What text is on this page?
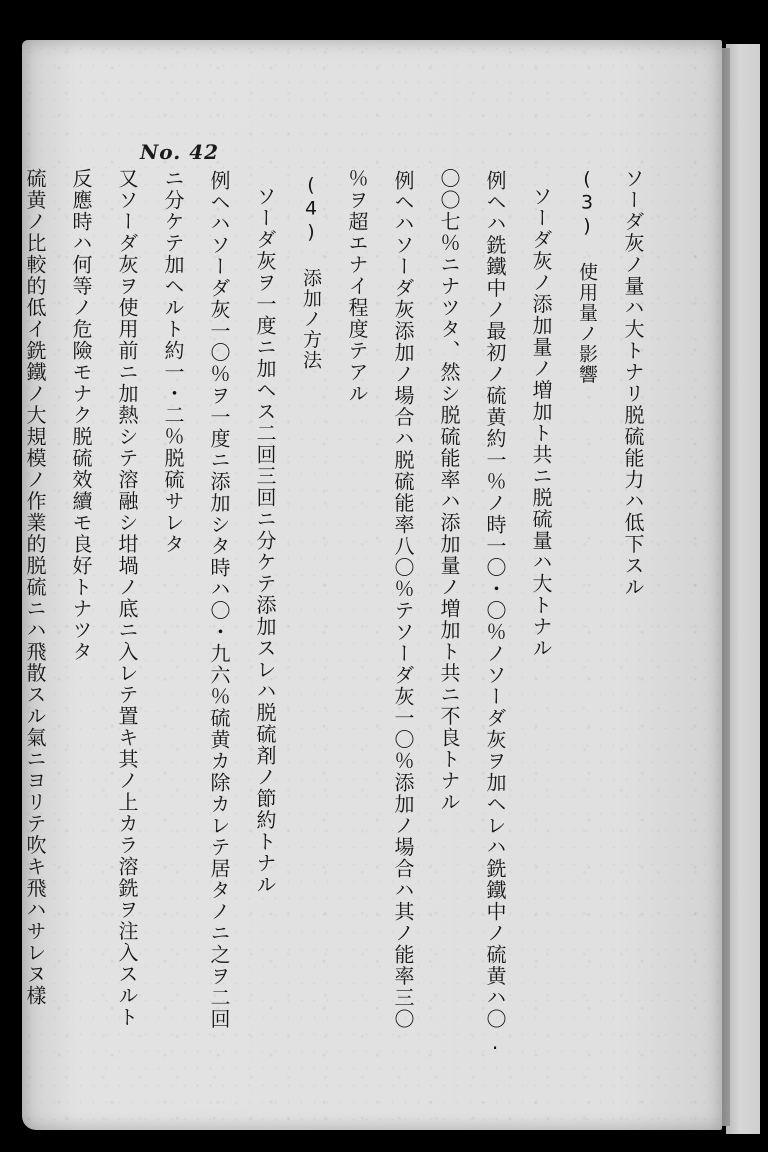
No. 42
ソーダ灰ノ量ハ大トナリ脱硫能力ハ低下スル
(3) 使用量ノ影響
ソーダ灰ノ添加量ノ増加ト共ニ脱硫量ハ大トナル
例ヘハ銑鐵中ノ最初ノ硫黄約一％ノ時一〇・〇％ノソーダ灰ヲ加ヘレハ銑鐵中ノ硫黄ハ〇.
〇〇七％ニナツタ、然シ脱硫能率ハ添加量ノ増加ト共ニ不良トナル
例ヘハソーダ灰添加ノ場合ハ脱硫能率八〇％テソーダ灰一〇％添加ノ場合ハ其ノ能率三〇
％ヲ超エナイ程度テアル
(4) 添加ノ方法
ソーダ灰ヲ一度ニ加ヘス二回三回ニ分ケテ添加スレハ脱硫剤ノ節約トナル
例ヘハソーダ灰一〇％ヲ一度ニ添加シタ時ハ〇・九六％硫黄カ除カレテ居タノニ之ヲ二回
ニ分ケテ加ヘルト約一・二％脱硫サレタ
又ソーダ灰ヲ使用前ニ加熱シテ溶融シ坩堝ノ底ニ入レテ置キ其ノ上カラ溶銑ヲ注入スルト
反應時ハ何等ノ危險モナク脱硫效續モ良好トナツタ
硫黄ノ比較的低イ銑鐵ノ大規模ノ作業的脱硫ニハ飛散スル氣ニヨリテ吹キ飛ハサレヌ樣
